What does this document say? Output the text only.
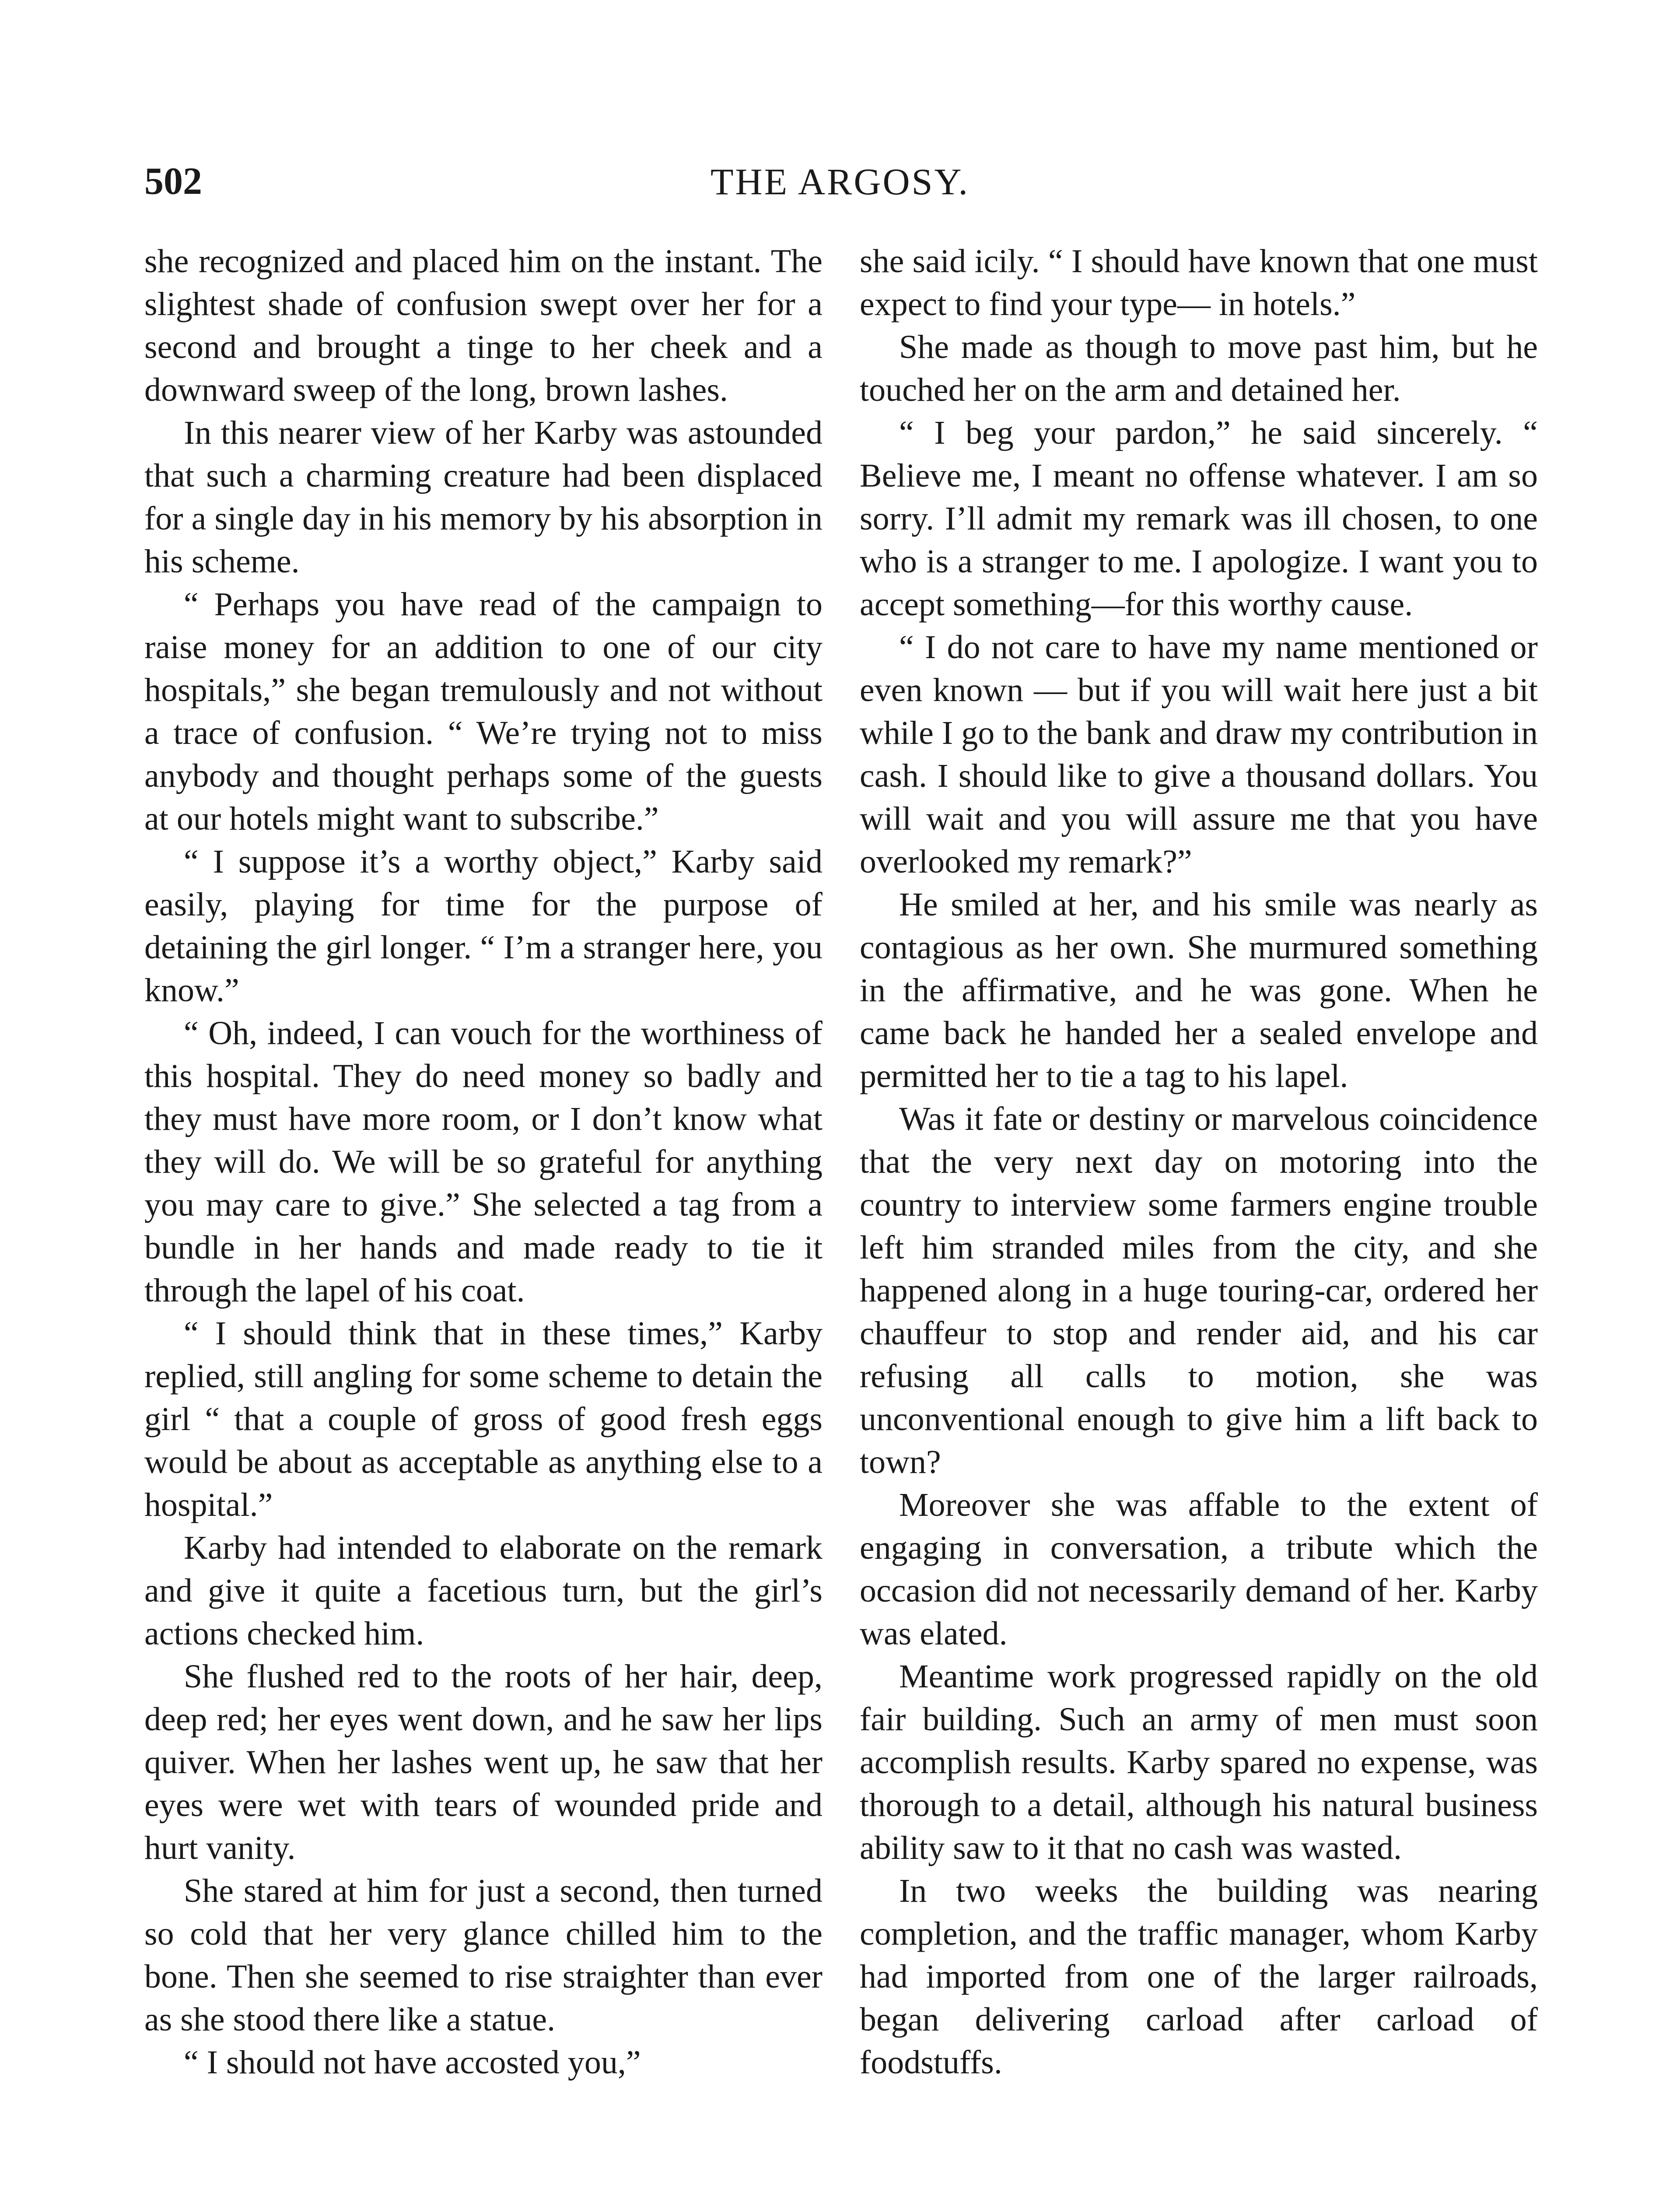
502	THE ARGOSY.

she recognized and placed him on the instant. The slightest shade of confusion swept over her for a second and brought a tinge to her cheek and a downward sweep of the long, brown lashes.

In this nearer view of her Karby was astounded that such a charming creature had been displaced for a single day in his memory by his absorption in his scheme.

“ Perhaps you have read of the campaign to raise money for an addition to one of our city hospitals,” she began tremulously and not without a trace of confusion. “ We’re trying not to miss anybody and thought perhaps some of the guests at our hotels might want to subscribe.”

“ I suppose it’s a worthy object,” Karby said easily, playing for time for the purpose of detaining the girl longer. “ I’m a stranger here, you know.”

“ Oh, indeed, I can vouch for the worthiness of this hospital. They do need money so badly and they must have more room, or I don’t know what they will do. We will be so grateful for anything you may care to give.” She selected a tag from a bundle in her hands and made ready to tie it through the lapel of his coat.

“ I should think that in these times,” Karby replied, still angling for some scheme to detain the girl “ that a couple of gross of good fresh eggs would be about as acceptable as anything else to a hospital.”

Karby had intended to elaborate on the remark and give it quite a facetious turn, but the girl’s actions checked him.

She flushed red to the roots of her hair, deep, deep red; her eyes went down, and he saw her lips quiver. When her lashes went up, he saw that her eyes were wet with tears of wounded pride and hurt vanity.

She stared at him for just a second, then turned so cold that her very glance chilled him to the bone. Then she seemed to rise straighter than ever as she stood there like a statue.

“ I should not have accosted you,”

she said icily. “ I should have known that one must expect to find your type— in hotels.”

She made as though to move past him, but he touched her on the arm and detained her.

“ I beg your pardon,” he said sincerely. “ Believe me, I meant no offense whatever. I am so sorry. I’ll admit my remark was ill chosen, to one who is a stranger to me. I apologize. I want you to accept something—for this worthy cause.

“ I do not care to have my name mentioned or even known — but if you will wait here just a bit while I go to the bank and draw my contribution in cash. I should like to give a thousand dollars. You will wait and you will assure me that you have overlooked my remark?”

He smiled at her, and his smile was nearly as contagious as her own. She murmured something in the affirmative, and he was gone. When he came back he handed her a sealed envelope and permitted her to tie a tag to his lapel.

Was it fate or destiny or marvelous coincidence that the very next day on motoring into the country to interview some farmers engine trouble left him stranded miles from the city, and she happened along in a huge touring-car, ordered her chauffeur to stop and render aid, and his car refusing all calls to motion, she was unconventional enough to give him a lift back to town?

Moreover she was affable to the extent of engaging in conversation, a tribute which the occasion did not necessarily demand of her. Karby was elated.

Meantime work progressed rapidly on the old fair building. Such an army of men must soon accomplish results. Karby spared no expense, was thorough to a detail, although his natural business ability saw to it that no cash was wasted.

In two weeks the building was nearing completion, and the traffic manager, whom Karby had imported from one of the larger railroads, began delivering carload after carload of foodstuffs.
